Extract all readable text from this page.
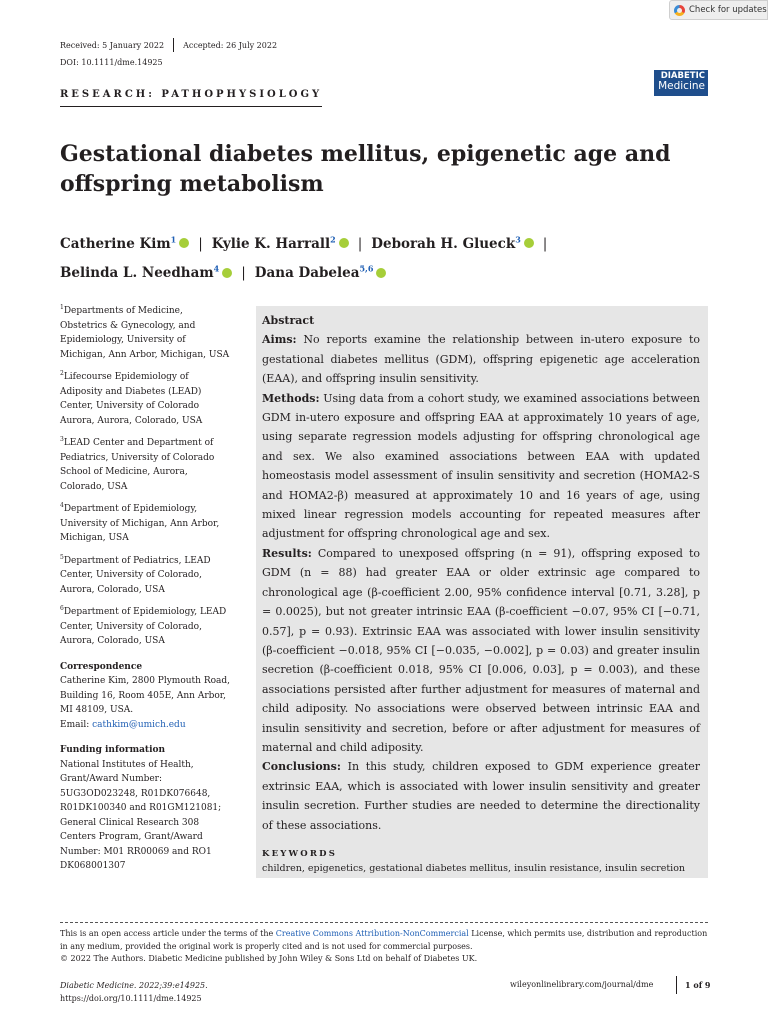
Check for updates
Received: 5 January 2022 Accepted: 26 July 2022
DOI: 10.1111/dme.14925
RESEARCH: PATHOPHYSIOLOGY
DIABETIC
Medicine
Gestational diabetes mellitus, epigenetic age and offspring metabolism
Catherine Kim$^1$ | Kylie K. Harrall$^2$ | Deborah H. Glueck$^3$ |
Belinda L. Needham$^4$ | Dana Dabelea$^{5,6}$
$^1$Departments of Medicine, Obstetrics & Gynecology, and Epidemiology, University of Michigan, Ann Arbor, Michigan, USA
$^2$Lifecourse Epidemiology of Adiposity and Diabetes (LEAD) Center, University of Colorado Aurora, Aurora, Colorado, USA
$^3$LEAD Center and Department of Pediatrics, University of Colorado School of Medicine, Aurora, Colorado, USA
$^4$Department of Epidemiology, University of Michigan, Ann Arbor, Michigan, USA
$^5$Department of Pediatrics, LEAD Center, University of Colorado, Aurora, Colorado, USA
$^6$Department of Epidemiology, LEAD Center, University of Colorado, Aurora, Colorado, USA
Correspondence
Catherine Kim, 2800 Plymouth Road, Building 16, Room 405E, Ann Arbor, MI 48109, USA.
Email: cathkim@umich.edu
Funding information
National Institutes of Health, Grant/Award Number: 5UG3OD023248, R01DK076648, R01DK100340 and R01GM121081; General Clinical Research 308 Centers Program, Grant/Award Number: M01 RR00069 and RO1 DK068001307
Abstract

Aims: No reports examine the relationship between in-utero exposure to gestational diabetes mellitus (GDM), offspring epigenetic age acceleration (EAA), and offspring insulin sensitivity.

Methods: Using data from a cohort study, we examined associations between GDM in-utero exposure and offspring EAA at approximately 10 years of age, using separate regression models adjusting for offspring chronological age and sex. We also examined associations between EAA with updated homeostasis model assessment of insulin sensitivity and secretion (HOMA2-S and HOMA2-β) measured at approximately 10 and 16 years of age, using mixed linear regression models accounting for repeated measures after adjustment for offspring chronological age and sex.

Results: Compared to unexposed offspring (n = 91), offspring exposed to GDM (n = 88) had greater EAA or older extrinsic age compared to chronological age (β-coefficient 2.00, 95% confidence interval [0.71, 3.28], p = 0.0025), but not greater intrinsic EAA (β-coefficient −0.07, 95% CI [−0.71, 0.57], p = 0.93). Extrinsic EAA was associated with lower insulin sensitivity (β-coefficient −0.018, 95% CI [−0.035, −0.002], p = 0.03) and greater insulin secretion (β-coefficient 0.018, 95% CI [0.006, 0.03], p = 0.003), and these associations persisted after further adjustment for measures of maternal and child adiposity. No associations were observed between intrinsic EAA and insulin sensitivity and secretion, before or after adjustment for measures of maternal and child adiposity.

Conclusions: In this study, children exposed to GDM experience greater extrinsic EAA, which is associated with lower insulin sensitivity and greater insulin secretion. Further studies are needed to determine the directionality of these associations.

KEYWORDS
children, epigenetics, gestational diabetes mellitus, insulin resistance, insulin secretion
This is an open access article under the terms of the Creative Commons Attribution-NonCommercial License, which permits use, distribution and reproduction in any medium, provided the original work is properly cited and is not used for commercial purposes.
© 2022 The Authors. Diabetic Medicine published by John Wiley & Sons Ltd on behalf of Diabetes UK.
Diabetic Medicine. 2022;39:e14925.
https://doi.org/10.1111/dme.14925
wileyonlinelibrary.com/journal/dme	1 of 9
